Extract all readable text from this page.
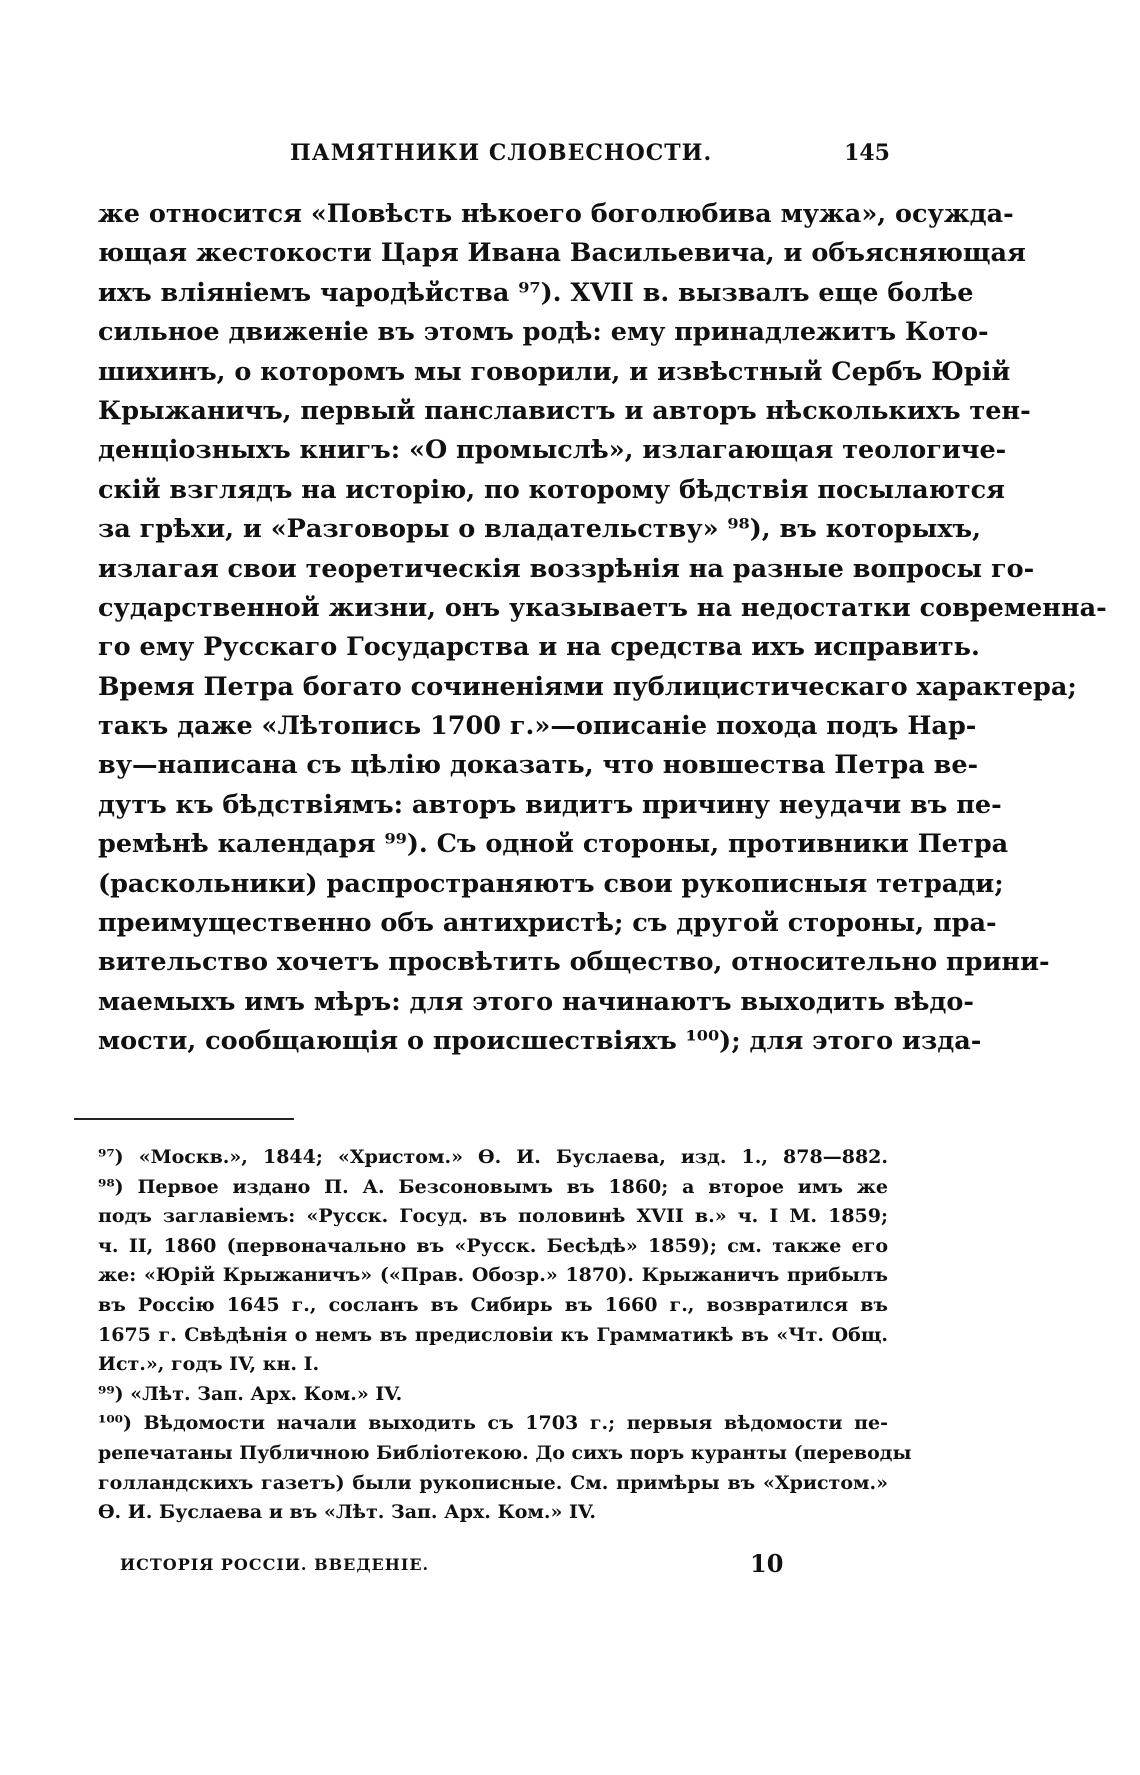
ПАМЯТНИКИ СЛОВЕСНОСТИ.	145
же относится «Повѣсть нѣкоего боголюбива мужа», осуждa-
ющая жестокости Царя Ивана Васильевича, и объясняющая
ихъ вліяніемъ чародѣйства ⁹⁷). XVII в. вызвалъ еще болѣе
сильное движеніе въ этомъ родѣ: ему принадлежитъ Кото-
шихинъ, о которомъ мы говорили, и извѣстный Сербъ Юрій
Крыжаничъ, первый панславистъ и авторъ нѣсколькихъ тен-
денціозныхъ книгъ: «О промыслѣ», излагающая теологиче-
скій взглядъ на исторію, по которому бѣдствія посылаются
за грѣхи, и «Разговоры о владательству» ⁹⁸), въ которыхъ,
излагая свои теоретическія воззрѣнія на разные вопросы го-
сударственной жизни, онъ указываетъ на недостатки современна-
го ему Русскаго Государства и на средства ихъ исправить.
Время Петра богато сочиненіями публицистическаго характера;
такъ даже «Лѣтопись 1700 г.»—описаніе похода подъ Нар-
ву—написана съ цѣлію доказать, что новшества Петра ве-
дутъ къ бѣдствіямъ: авторъ видитъ причину неудачи въ пе-
ремѣнѣ календаря ⁹⁹). Съ одной стороны, противники Петра
(раскольники) распространяютъ свои рукописныя тетради;
преимущественно объ антихристѣ; съ другой стороны, пра-
вительство хочетъ просвѣтить общество, относительно прини-
маемыхъ имъ мѣръ: для этого начинаютъ выходить вѣдо-
мости, сообщающія о происшествіяхъ ¹⁰⁰); для этого изда-
⁹⁷) «Москв.», 1844; «Христом.» Ѳ. И. Буслаева, изд. 1., 878—882.
⁹⁸) Первое издано П. А. Безсоновымъ въ 1860; а второе имъ же
подъ заглавіемъ: «Русск. Госуд. въ половинѣ XVII в.» ч. I М. 1859;
ч. II, 1860 (первоначально въ «Русск. Бесѣдѣ» 1859); см. также его
же: «Юрій Крыжаничъ» («Прав. Обозр.» 1870). Крыжаничъ прибылъ
въ Россію 1645 г., сосланъ въ Сибирь въ 1660 г., возвратился въ
1675 г. Свѣдѣнія о немъ въ предисловіи къ Грамматикѣ въ «Чт. Общ.
Ист.», годъ IV, кн. I.
⁹⁹) «Лѣт. Зап. Арх. Ком.» IV.
¹⁰⁰) Вѣдомости начали выходить съ 1703 г.; первыя вѣдомости пе-
репечатаны Публичною Библіотекою. До сихъ поръ куранты (переводы
голландскихъ газетъ) были рукописные. См. примѣры въ «Христом.»
Ѳ. И. Буслаева и въ «Лѣт. Зап. Арх. Ком.» IV.
ИСТОРІЯ РОССІИ. ВВЕДЕНІЕ.	10
